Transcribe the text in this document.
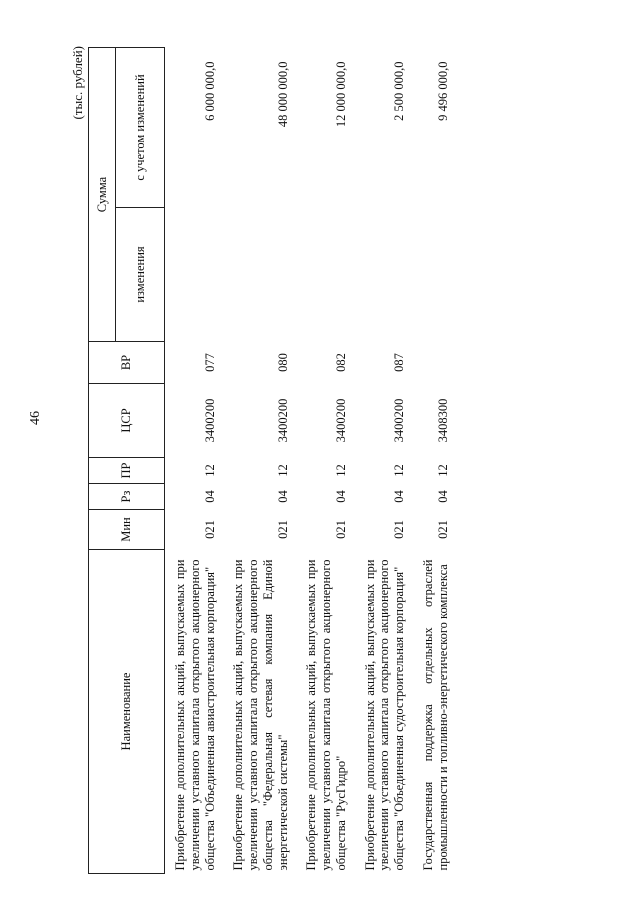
46
(тыс. рублей)
Наименование	Мин	Рз	ПР	ЦСР	ВР	Сумма	
						изменения	с учетом изменений
Приобретение дополнительных акций, выпускаемых при увеличении уставного капитала открытого акционерного общества "Объединенная авиастроительная корпорация"	021	04	12	3400200	077		6 000 000,0
Приобретение дополнительных акций, выпускаемых при увеличении уставного капитала открытого акционерного общества "Федеральная сетевая компания Единой энергетической системы"	021	04	12	3400200	080		48 000 000,0
Приобретение дополнительных акций, выпускаемых при увеличении уставного капитала открытого акционерного общества "РусГидро"	021	04	12	3400200	082		12 000 000,0
Приобретение дополнительных акций, выпускаемых при увеличении уставного капитала открытого акционерного общества "Объединенная судостроительная корпорация"	021	04	12	3400200	087		2 500 000,0
Государственная поддержка отдельных отраслей промышленности и топливно-энергетического комплекса	021	04	12	3408300			9 496 000,0
